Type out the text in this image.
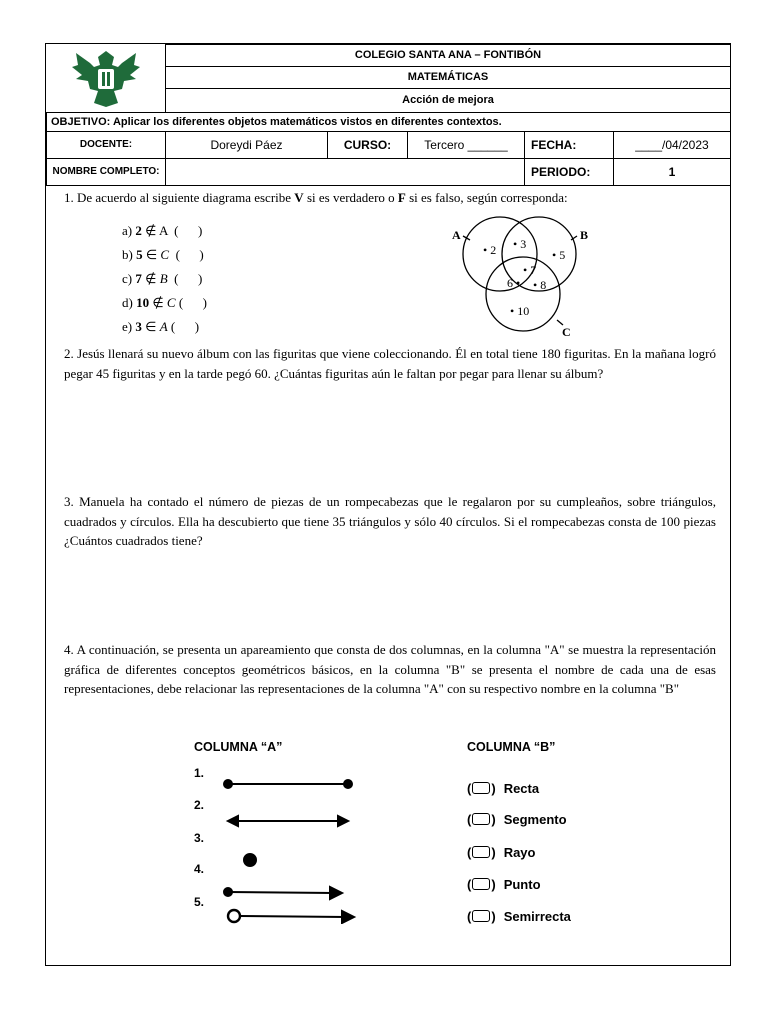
	COLEGIO SANTA ANA – FONTIBÓN				
	MATEMÁTICAS				
	Acción de mejora				
OBJETIVO: Aplicar los diferentes objetos matemáticos vistos en diferentes contextos.					
DOCENTE:	Doreydi Páez	CURSO:	Tercero ______	FECHA:	____/04/2023
NOMBRE COMPLETO:				PERIODO:	1
1. De acuerdo al siguiente diagrama escribe V si es verdadero o F si es falso, según corresponda:
a) 2 ∉ A  (      )
b) 5 ∈ C  (      )
c) 7 ∉ B  (      )
d) 10 ∉ C (      )
e) 3 ∈ A (      )
A	B
C
• 2 • 3
• 5
• 7
6 • • 8
• 10
2. Jesús llenará su nuevo álbum con las figuritas que viene coleccionando. Él en total tiene 180 figuritas. En la mañana logró pegar 45 figuritas y en la tarde pegó 60. ¿Cuántas figuritas aún le faltan por pegar para llenar su álbum?
3. Manuela ha contado el número de piezas de un rompecabezas que le regalaron por su cumpleaños, sobre triángulos, cuadrados y círculos. Ella ha descubierto que tiene 35 triángulos y sólo 40 círculos. Si el rompecabezas consta de 100 piezas ¿Cuántos cuadrados tiene?
4. A continuación, se presenta un apareamiento que consta de dos columnas, en la columna "A" se muestra la representación gráfica de diferentes conceptos geométricos básicos, en la columna "B" se presenta el nombre de cada una de esas representaciones, debe relacionar las representaciones de la columna "A" con su respectivo nombre en la columna "B"
COLUMNA “A”	COLUMNA “B”
1.
2.
3.
4.
5.
( ) Recta
( ) Segmento
( ) Rayo
( ) Punto
( ) Semirrecta
